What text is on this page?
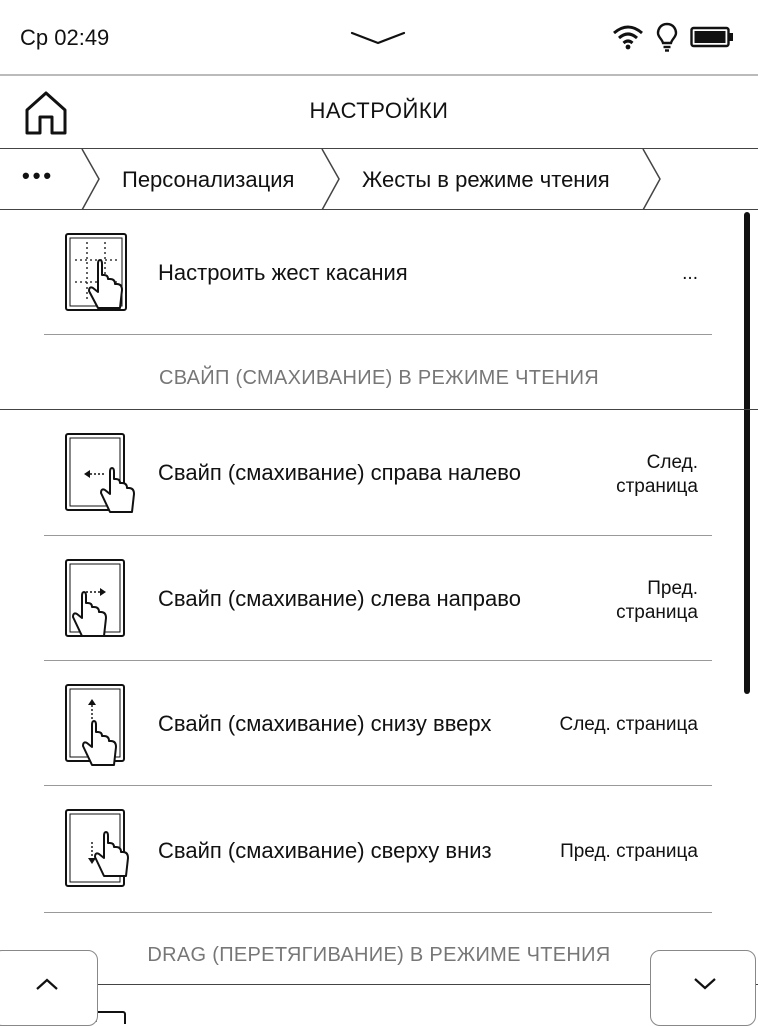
Ср 02:49
НАСТРОЙКИ
•••	Персонализация	Жесты в режиме чтения
Настроить жест касания	...
СВАЙП (СМАХИВАНИЕ) В РЕЖИМЕ ЧТЕНИЯ
Свайп (смахивание) справа налево	След.
страница
Свайп (смахивание) слева направо	Пред.
страница
Свайп (смахивание) снизу вверх	След. страница
Свайп (смахивание) сверху вниз	Пред. страница
DRAG (ПЕРЕТЯГИВАНИЕ) В РЕЖИМЕ ЧТЕНИЯ
